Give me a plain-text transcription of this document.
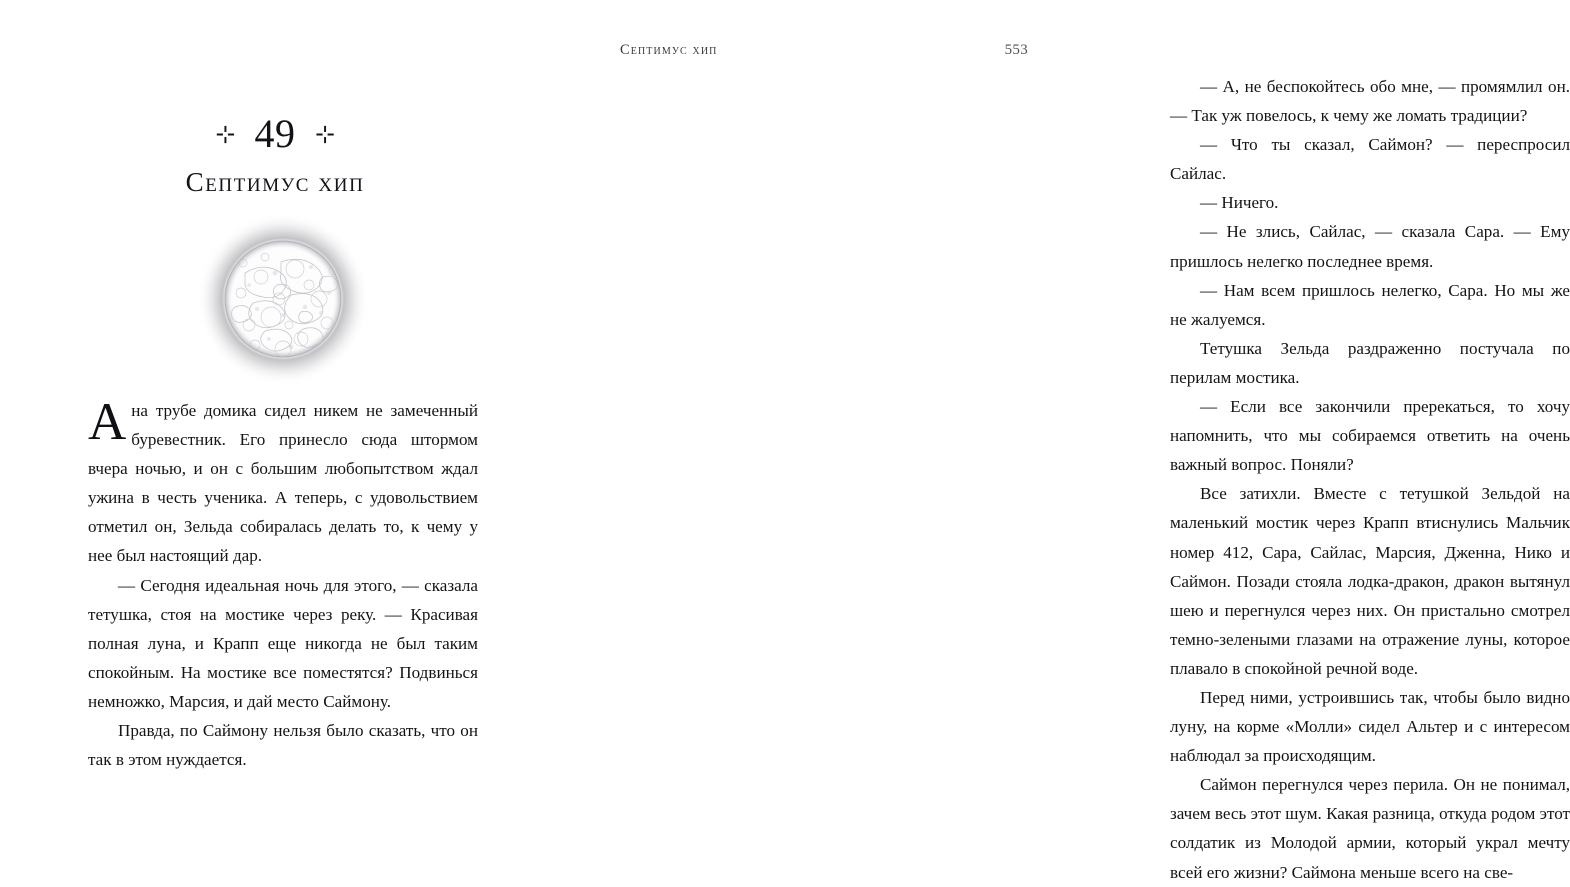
⊹ 49 ⊹
Септимус хип

А на трубе домика сидел никем не замеченный буревестник. Его принесло сюда штормом вчера ночью, и он с большим любопытством ждал ужина в честь ученика. А теперь, с удовольствием отметил он, Зельда собиралась делать то, к чему у нее был настоящий дар.

— Сегодня идеальная ночь для этого, — сказала тетушка, стоя на мостике через реку. — Красивая полная луна, и Крапп еще никогда не был таким спокойным. На мостике все поместятся? Подвинься немножко, Марсия, и дай место Саймону.

Правда, по Саймону нельзя было сказать, что он так в этом нуждается.

Септимус хип	553

— А, не беспокойтесь обо мне, — промямлил он. — Так уж повелось, к чему же ломать традиции?

— Что ты сказал, Саймон? — переспросил Сайлас.

— Ничего.

— Не злись, Сайлас, — сказала Сара. — Ему пришлось нелегко последнее время.

— Нам всем пришлось нелегко, Сара. Но мы же не жалуемся.

Тетушка Зельда раздраженно постучала по перилам мостика.

— Если все закончили пререкаться, то хочу напомнить, что мы собираемся ответить на очень важный вопрос. Поняли?

Все затихли. Вместе с тетушкой Зельдой на маленький мостик через Крапп втиснулись Мальчик номер 412, Сара, Сайлас, Марсия, Дженна, Нико и Саймон. Позади стояла лодка-дракон, дракон вытянул шею и перегнулся через них. Он пристально смотрел темно-зелеными глазами на отражение луны, которое плавало в спокойной речной воде.

Перед ними, устроившись так, чтобы было видно луну, на корме «Молли» сидел Альтер и с интересом наблюдал за происходящим.

Саймон перегнулся через перила. Он не понимал, зачем весь этот шум. Какая разница, откуда родом этот солдатик из Молодой армии, который украл мечту всей его жизни? Саймона меньше всего на све-
